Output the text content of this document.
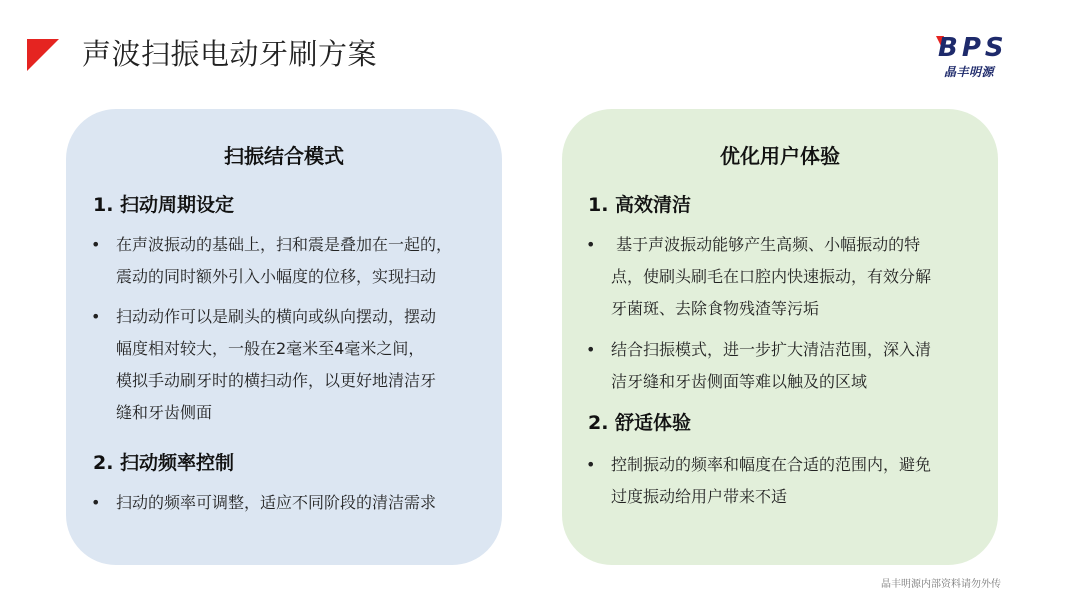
声波扫振电动牙刷方案	BPS
晶丰明源
扫振结合模式
1. 扫动周期设定
• 在声波振动的基础上，扫和震是叠加在一起的，
震动的同时额外引入小幅度的位移，实现扫动
• 扫动动作可以是刷头的横向或纵向摆动，摆动
幅度相对较大，一般在2毫米至4毫米之间，
模拟手动刷牙时的横扫动作，以更好地清洁牙
缝和牙齿侧面
2. 扫动频率控制
• 扫动的频率可调整，适应不同阶段的清洁需求
优化用户体验
1. 高效清洁
• 基于声波振动能够产生高频、小幅振动的特
点，使刷头刷毛在口腔内快速振动，有效分解
牙菌斑、去除食物残渣等污垢
• 结合扫振模式，进一步扩大清洁范围，深入清
洁牙缝和牙齿侧面等难以触及的区域
2. 舒适体验
• 控制振动的频率和幅度在合适的范围内，避免
过度振动给用户带来不适
晶丰明源内部资料请勿外传
